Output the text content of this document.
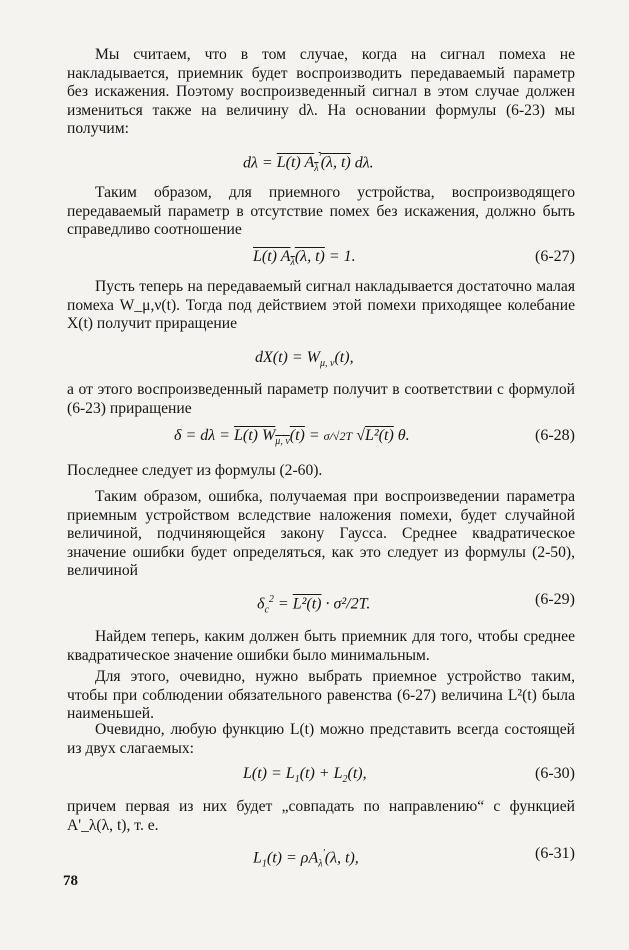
Мы считаем, что в том случае, когда на сигнал помеха не накладывается, приемник будет воспроизводить передаваемый параметр без искажения. Поэтому воспроизведенный сигнал в этом случае должен измениться также на величину dλ. На основании формулы (6-23) мы получим:

dλ = L(t) $A_\lambda'(\lambda$, t) dλ.

Таким образом, для приемного устройства, воспроизводящего передаваемый параметр в отсутствие помех без искажения, должно быть справедливо соотношение

L(t) $A_\lambda(\lambda$, t) = 1.	(6-27)

Пусть теперь на передаваемый сигнал накладывается достаточно малая помеха W_μ,ν(t). Тогда под действием этой помехи приходящее колебание X(t) получит приращение

$dX(t) = W_{\mu, \nu}(t)$,

а от этого воспроизведенный параметр получит в соответствии с формулой (6-23) приращение

δ = dλ = L(t) $W_{\mu, \nu}(t) = \sigma/√2T$ √L²(t) θ.	(6-28)

Последнее следует из формулы (2-60).

Таким образом, ошибка, получаемая при воспроизведении параметра приемным устройством вследствие наложения помехи, будет случайной величиной, подчиняющейся закону Гаусса. Среднее квадратическое значение ошибки будет определяться, как это следует из формулы (2-50), величиной

$\delta_c^2 = L^2(t) \cdot \sigma^2/2T$.	(6-29)

Найдем теперь, каким должен быть приемник для того, чтобы среднее квадратическое значение ошибки было минимальным.

Для этого, очевидно, нужно выбрать приемное устройство таким, чтобы при соблюдении обязательного равенства (6-27) величина L²(t) была наименьшей.

Очевидно, любую функцию L(t) можно представить всегда состоящей из двух слагаемых:

$L(t) = L_1(t) + L_2(t)$,	(6-30)

причем первая из них будет „совпадать по направлению“ с функцией A'_λ(λ, t), т. е.

$L_1(t) = \rho A_\lambda'(\lambda$, t),	(6-31)
78
